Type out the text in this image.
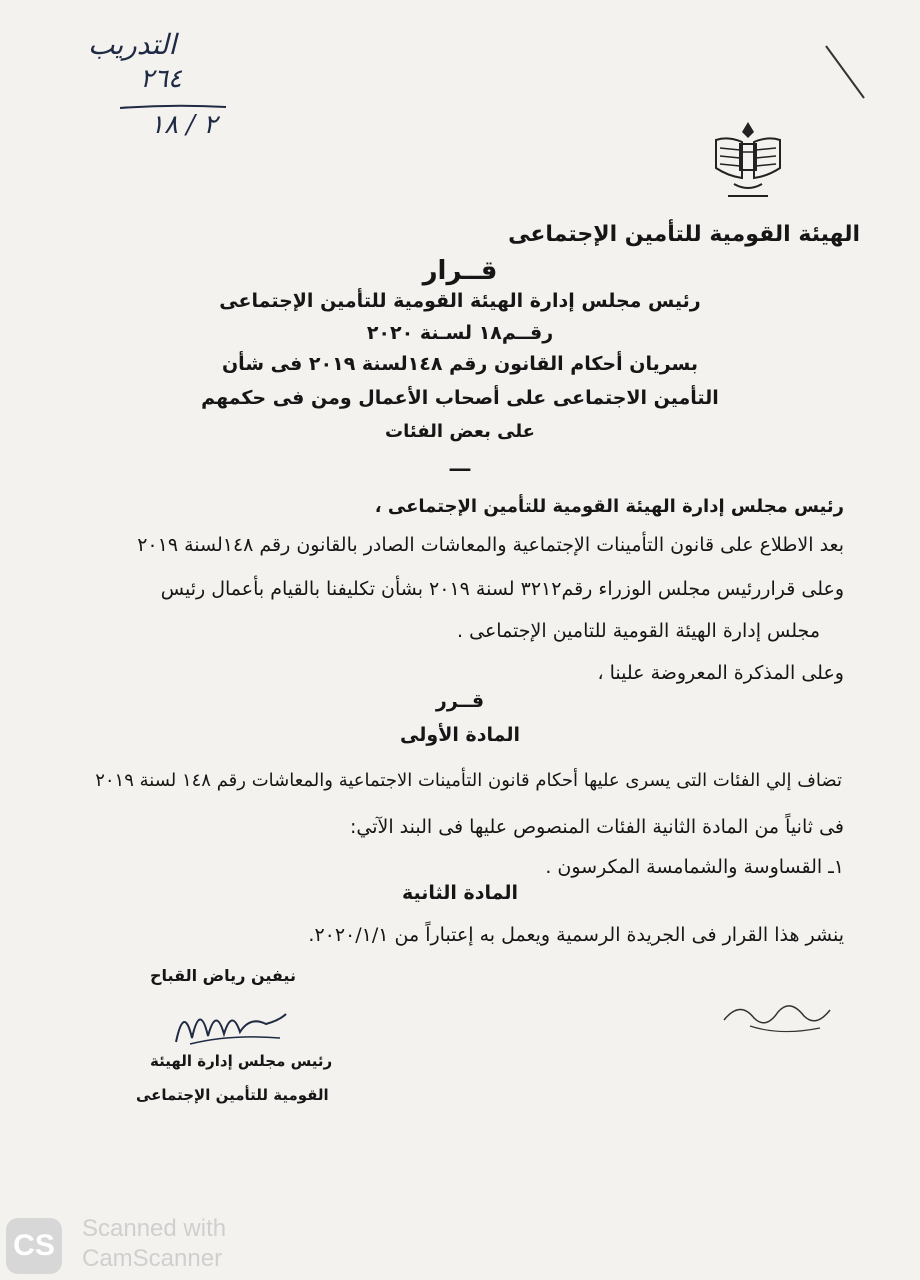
التدريب
٢٦٤
٢ / ١٨
الهيئة القومية للتأمين الإجتماعى
قــرار
رئيس مجلس إدارة الهيئة القومية للتأمين الإجتماعى
رقــم١٨ لسـنة ٢٠٢٠
بسريان أحكام القانون رقم ١٤٨لسنة ٢٠١٩ فى شأن
التأمين الاجتماعى على أصحاب الأعمال ومن فى حكمهم
على بعض الفئات
ـــ
رئيس مجلس إدارة الهيئة القومية للتأمين الإجتماعى ،
بعد الاطلاع على قانون التأمينات الإجتماعية والمعاشات الصادر بالقانون رقم ١٤٨لسنة ٢٠١٩
وعلى قراررئيس مجلس الوزراء رقم٣٢١٢ لسنة ٢٠١٩ بشأن تكليفنا بالقيام بأعمال رئيس
مجلس إدارة الهيئة القومية للتامين الإجتماعى .
وعلى المذكرة المعروضة علينا ،
قــرر
المادة الأولى
تضاف إلي الفئات التى يسرى عليها أحكام قانون التأمينات الاجتماعية والمعاشات رقم ١٤٨ لسنة ٢٠١٩
فى ثانياً من المادة الثانية الفئات المنصوص عليها فى البند الآتي:
١ـ القساوسة والشمامسة المكرسون .
المادة الثانية
ينشر هذا القرار فى الجريدة الرسمية ويعمل به إعتباراً من ٢٠٢٠/١/١.
نيفين رياض القباح
رئيس مجلس إدارة الهيئة
القومية للتأمين الإجتماعى
CS
Scanned with
CamScanner
